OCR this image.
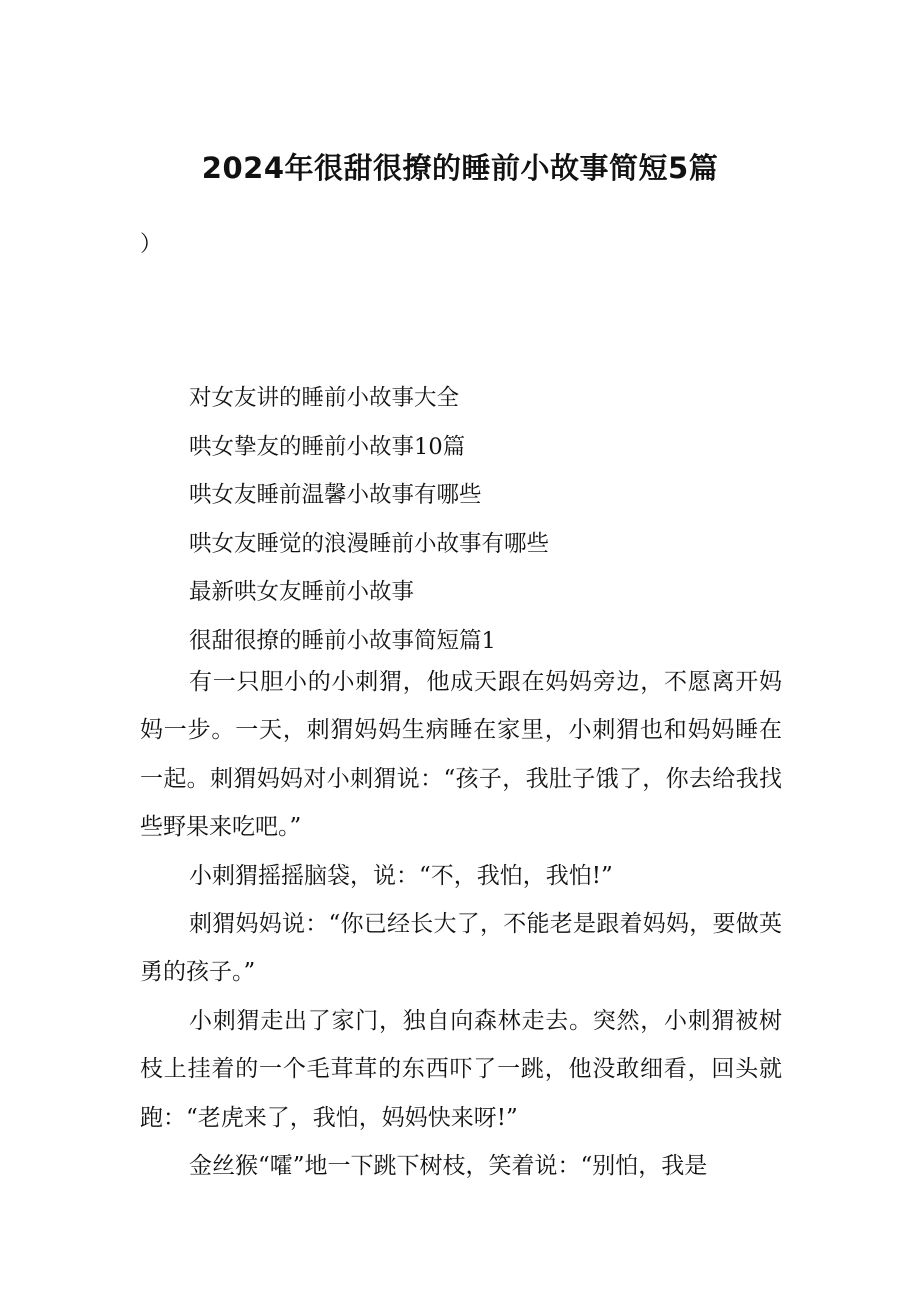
2024年很甜很撩的睡前小故事简短5篇
）
对女友讲的睡前小故事大全
哄女挚友的睡前小故事10篇
哄女友睡前温馨小故事有哪些
哄女友睡觉的浪漫睡前小故事有哪些
最新哄女友睡前小故事
很甜很撩的睡前小故事简短篇1

有一只胆小的小刺猬，他成天跟在妈妈旁边，不愿离开妈妈一步。一天，刺猬妈妈生病睡在家里，小刺猬也和妈妈睡在一起。刺猬妈妈对小刺猬说：“孩子，我肚子饿了，你去给我找些野果来吃吧。”

小刺猬摇摇脑袋，说：“不，我怕，我怕!”

刺猬妈妈说：“你已经长大了，不能老是跟着妈妈，要做英勇的孩子。”

小刺猬走出了家门，独自向森林走去。突然，小刺猬被树枝上挂着的一个毛茸茸的东西吓了一跳，他没敢细看，回头就跑：“老虎来了，我怕，妈妈快来呀!”

金丝猴“嚯”地一下跳下树枝，笑着说：“别怕，我是
